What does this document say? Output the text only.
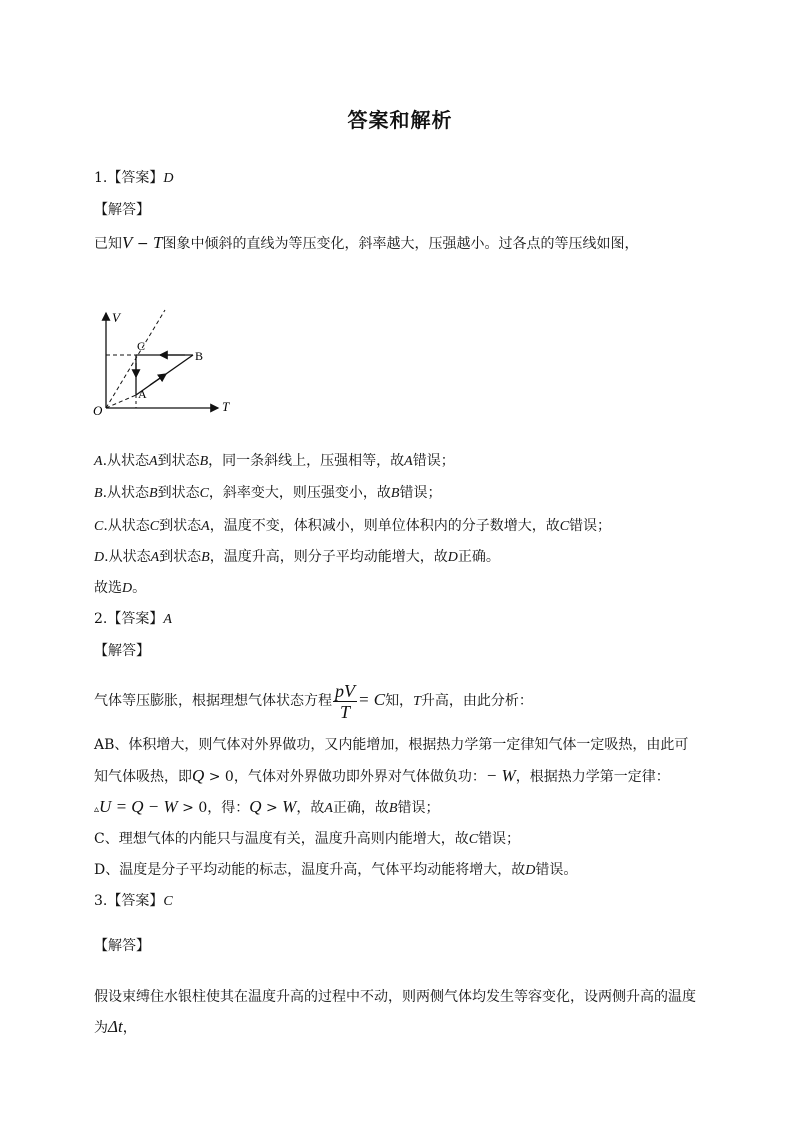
答案和解析
1.【答案】D
【解答】
已知V − T图象中倾斜的直线为等压变化，斜率越大，压强越小。过各点的等压线如图，
V
T
O
A
B
C
A.从状态A到状态B，同一条斜线上，压强相等，故A错误；
B.从状态B到状态C，斜率变大，则压强变小，故B错误；
C.从状态C到状态A，温度不变，体积减小，则单位体积内的分子数增大，故C错误；
D.从状态A到状态B，温度升高，则分子平均动能增大，故D正确。
故选D。
2.【答案】A
【解答】
气体等压膨胀，根据理想气体状态方程 $\frac{pV}{T} = C$知，T升高，由此分析：
AB、体积增大，则气体对外界做功，又内能增加，根据热力学第一定律知气体一定吸热，由此可
知气体吸热，即Q > 0，气体对外界做功即外界对气体做负功：− W，根据热力学第一定律：
▵U = Q − W > 0，得：Q > W，故A正确，故B错误；
C、理想气体的内能只与温度有关，温度升高则内能增大，故C错误；
D、温度是分子平均动能的标志，温度升高，气体平均动能将增大，故D错误。
3.【答案】C
【解答】
假设束缚住水银柱使其在温度升高的过程中不动，则两侧气体均发生等容变化，设两侧升高的温度
为Δt，
